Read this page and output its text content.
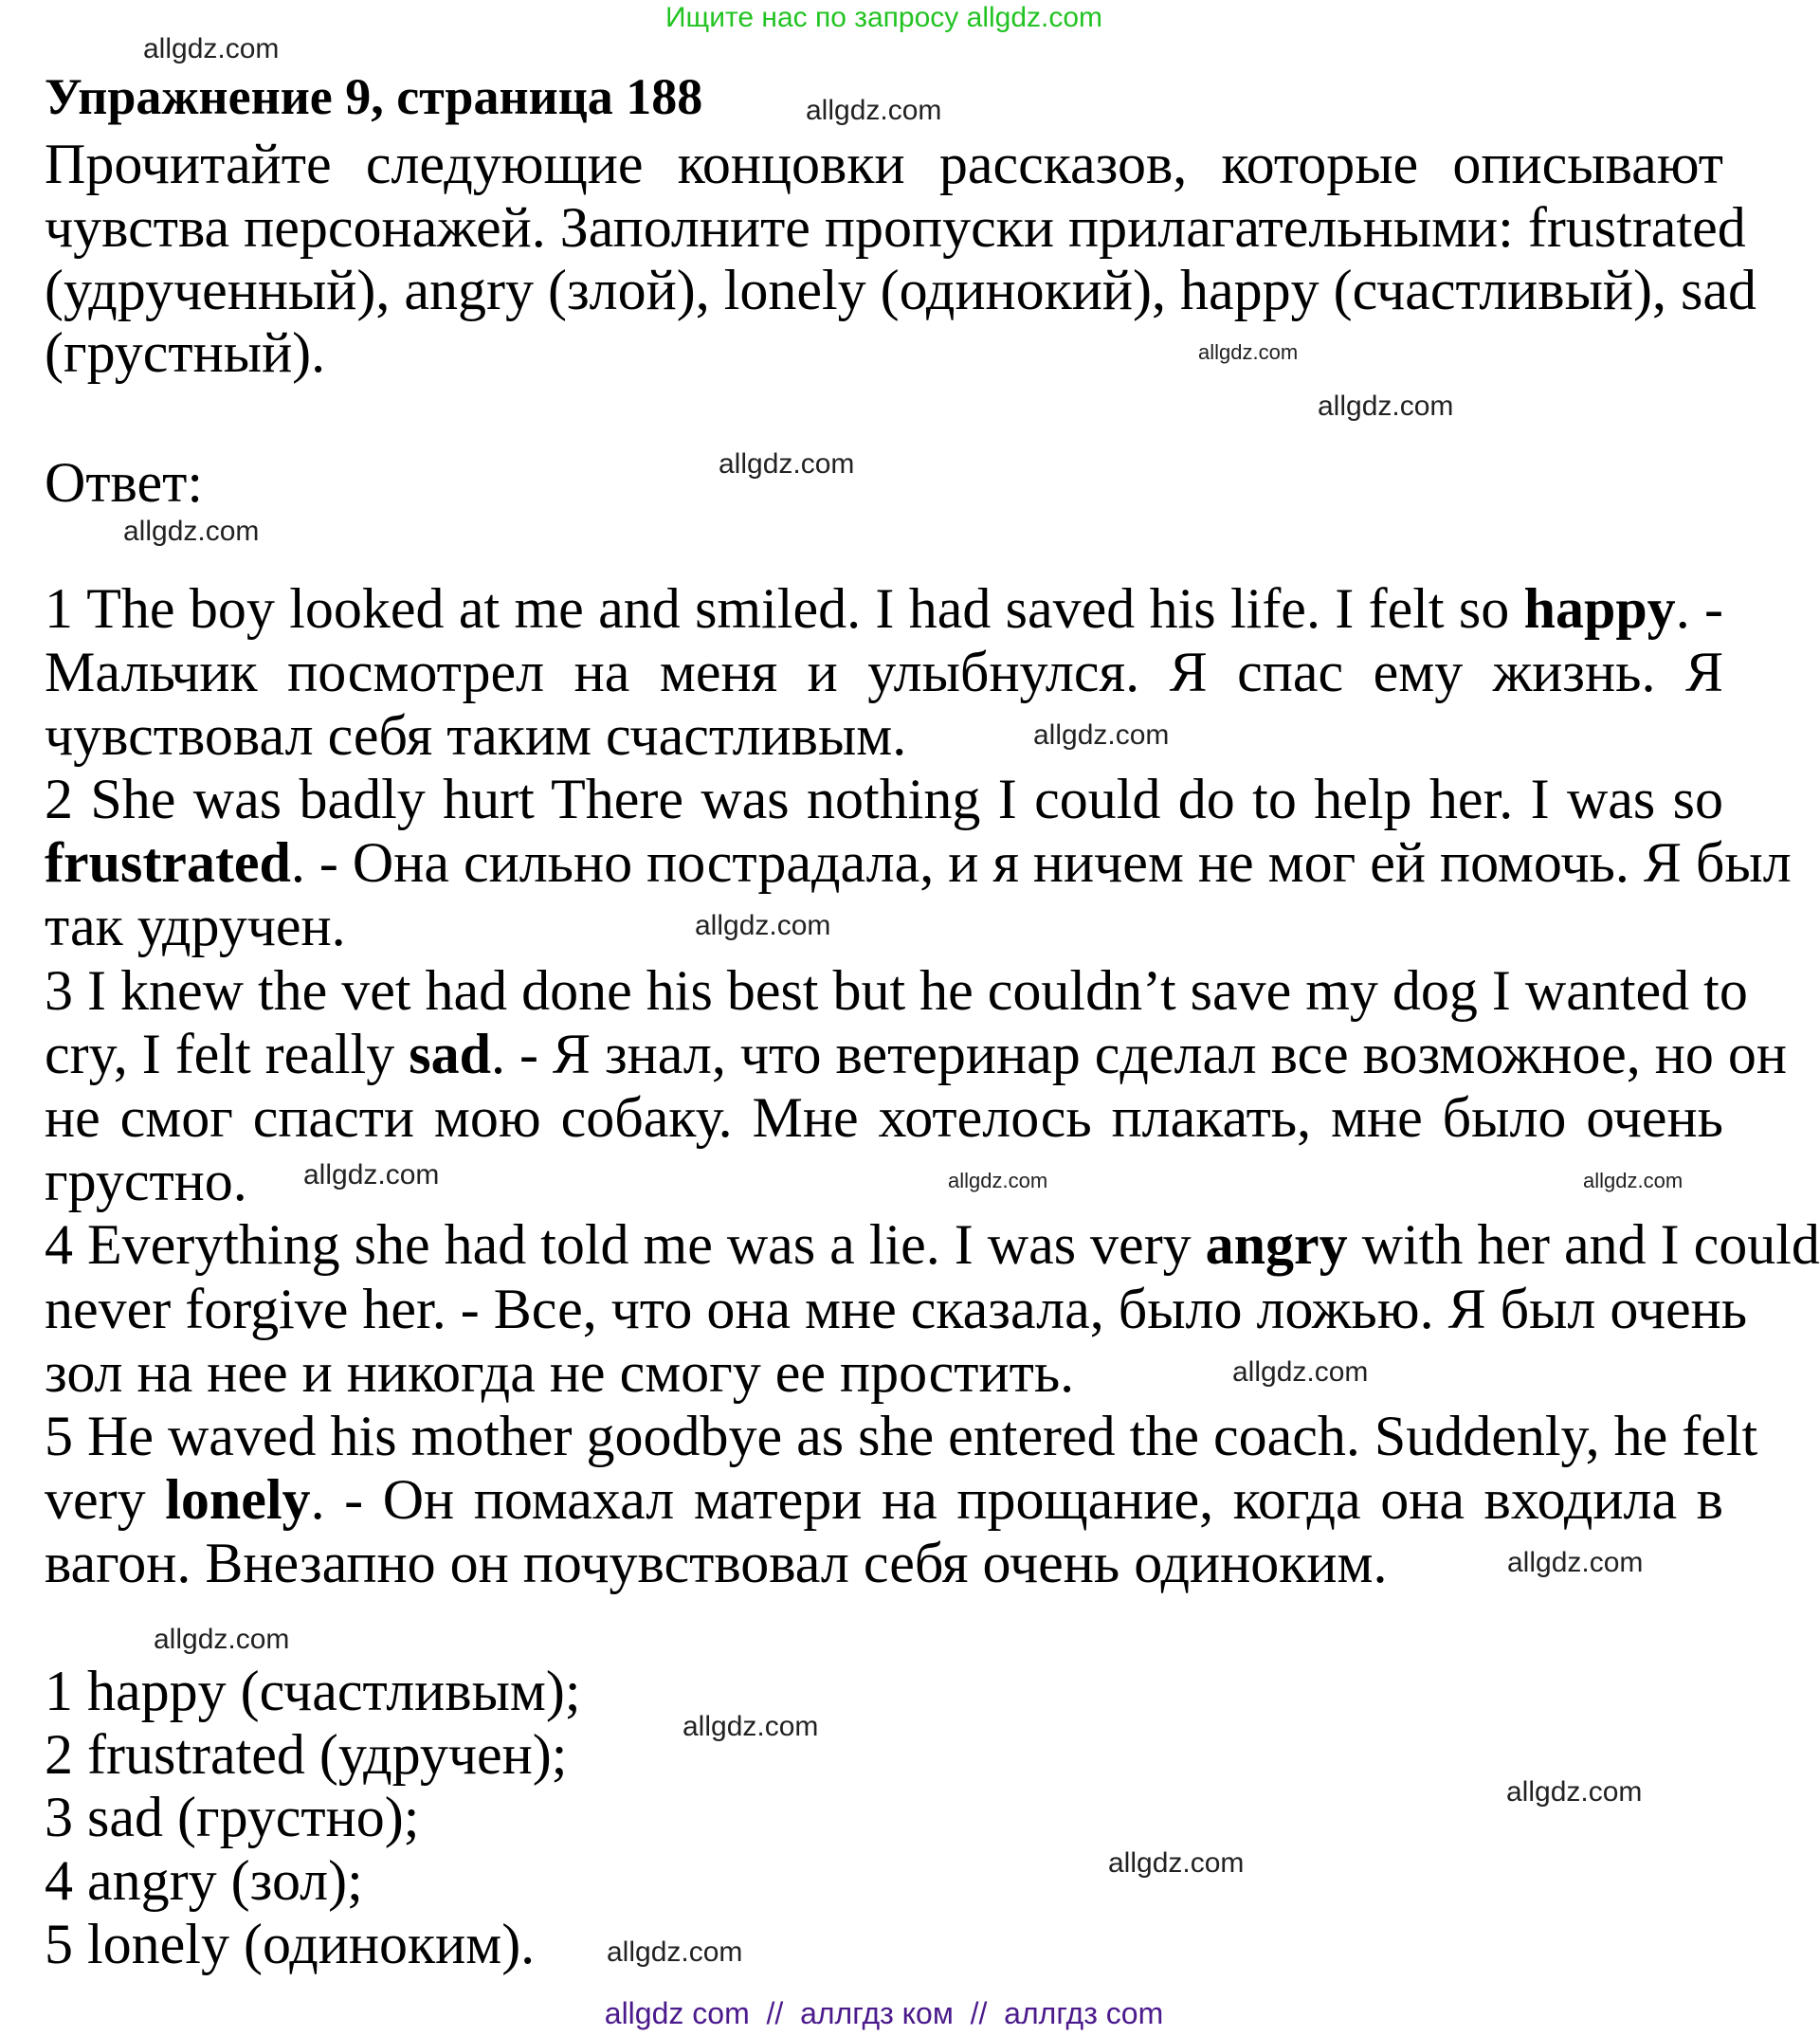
Ищите нас по запросу allgdz.com
Упражнение 9, страница 188
Прочитайте следующие концовки рассказов, которые описывают
чувства персонажей. Заполните пропуски прилагательными: frustrated
(удрученный), angry (злой), lonely (одинокий), happy (счастливый), sad
(грустный).
Ответ:
1 The boy looked at me and smiled. I had saved his life. I felt so happy. -
Мальчик посмотрел на меня и улыбнулся. Я спас ему жизнь. Я
чувствовал себя таким счастливым.
2 She was badly hurt There was nothing I could do to help her. I was so
frustrated. - Она сильно пострадала, и я ничем не мог ей помочь. Я был
так удручен.
3 I knew the vet had done his best but he couldn’t save my dog I wanted to
cry, I felt really sad. - Я знал, что ветеринар сделал все возможное, но он
не смог спасти мою собаку. Мне хотелось плакать, мне было очень
грустно.
4 Everything she had told me was a lie. I was very angry with her and I could
never forgive her. - Все, что она мне сказала, было ложью. Я был очень
зол на нее и никогда не смогу ее простить.
5 He waved his mother goodbye as she entered the coach. Suddenly, he felt
very lonely. - Он помахал матери на прощание, когда она входила в
вагон. Внезапно он почувствовал себя очень одиноким.
1 happy (счастливым);
2 frustrated (удручен);
3 sad (грустно);
4 angry (зол);
5 lonely (одиноким).
allgdz.com
allgdz.com
allgdz.com
allgdz.com
allgdz.com
allgdz.com
allgdz.com
allgdz.com
allgdz.com
allgdz.com
allgdz.com
allgdz.com
allgdz.com
allgdz.com
allgdz.com
allgdz.com
allgdz.com
allgdz.com
allgdz com  //  аллгдз ком  //  аллгдз com
